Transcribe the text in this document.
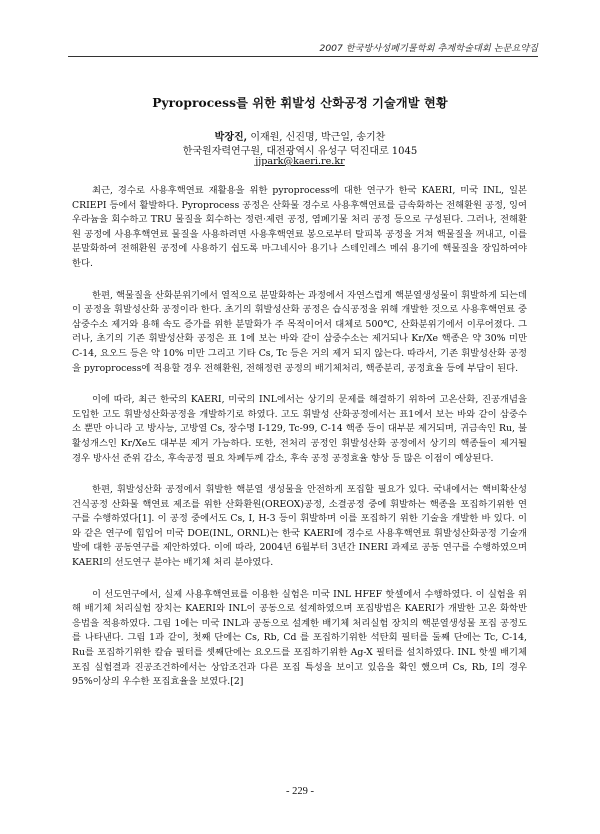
2007 한국방사성폐기물학회 추계학술대회 논문요약집
Pyroprocess를 위한 휘발성 산화공정 기술개발 현황
박장진, 이재원, 신진명, 박근일, 송기찬
한국원자력연구원, 대전광역시 유성구 덕진대로 1045
jjpark@kaeri.re.kr

최근, 경수로 사용후핵연료 재활용을 위한 pyroprocess에 대한 연구가 한국 KAERI, 미국 INL, 일본 CRIEPI 등에서 활발하다. Pyroprocess 공정은 산화물 경수로 사용후핵연료를 금속화하는 전해환원 공정, 잉여우라늄을 회수하고 TRU 물질을 회수하는 정련·제련 공정, 염폐기물 처리 공정 등으로 구성된다. 그러나, 전해환원 공정에 사용후핵연료 물질을 사용하려면 사용후핵연료 봉으로부터 탈피복 공정을 거쳐 핵물질을 꺼내고, 이를 분말화하여 전해환원 공정에 사용하기 쉽도록 마그네시아 용기나 스테인레스 메쉬 용기에 핵물질을 장입하여야 한다.

한편, 핵물질을 산화분위기에서 열적으로 분말화하는 과정에서 자연스럽게 핵분열생성물이 휘발하게 되는데 이 공정을 휘발성산화 공정이라 한다. 초기의 휘발성산화 공정은 습식공정을 위해 개발한 것으로 사용후핵연료 중 삼중수소 제거와 용해 속도 증가를 위한 분말화가 주 목적이어서 대체로 500℃, 산화분위기에서 이루어졌다. 그러나, 초기의 기존 휘발성산화 공정은 표 1에 보는 바와 같이 삼중수소는 제거되나 Kr/Xe 핵종은 약 30% 미만 C-14, 요오드 등은 약 10% 미만 그리고 기타 Cs, Tc 등은 거의 제거 되지 않는다. 따라서, 기존 휘발성산화 공정을 pyroprocess에 적용할 경우 전해환원, 전해정련 공정의 배기체처리, 핵종분리, 공정효율 등에 부담이 된다.

이에 따라, 최근 한국의 KAERI, 미국의 INL에서는 상기의 문제를 해결하기 위하여 고온산화, 진공개념을 도입한 고도 휘발성산화공정을 개발하기로 하였다. 고도 휘발성 산화공정에서는 표1에서 보는 바와 같이 삼중수소 뿐만 아니라 고 방사능, 고방열 Cs, 장수명 I-129, Tc-99, C-14 핵종 등이 대부분 제거되며, 귀금속인 Ru, 불활성개스인 Kr/Xe도 대부분 제거 가능하다. 또한, 전처리 공정인 휘발성산화 공정에서 상기의 핵종들이 제거될 경우 방사선 준위 감소, 후속공정 필요 차폐두께 감소, 후속 공정 공정효율 향상 등 많은 이점이 예상된다.

한편, 휘발성산화 공정에서 휘발한 핵분열 생성물을 안전하게 포집할 필요가 있다. 국내에서는 핵비확산성 건식공정 산화물 핵연료 제조를 위한 산화환원(OREOX)공정, 소결공정 중에 휘발하는 핵종을 포집하기위한 연구를 수행하였다[1]. 이 공정 중에서도 Cs, I, H-3 등이 휘발하며 이를 포집하기 위한 기술을 개발한 바 있다. 이와 같은 연구에 힘입어 미국 DOE(INL, ORNL)는 한국 KAERI에 경수로 사용후핵연료 휘발성산화공정 기술개발에 대한 공동연구를 제안하였다. 이에 따라, 2004년 6월부터 3년간 INERI 과제로 공동 연구를 수행하였으며 KAERI의 선도연구 분야는 배기체 처리 분야였다.

이 선도연구에서, 실제 사용후핵연료를 이용한 실험은 미국 INL HFEF 핫셀에서 수행하였다. 이 실험을 위해 배기체 처리실험 장치는 KAERI와 INL이 공동으로 설계하였으며 포집방법은 KAERI가 개발한 고온 화학반응법을 적용하였다. 그림 1에는 미국 INL과 공동으로 설계한 배기체 처리실험 장치의 핵분열생성물 포집 공정도를 나타낸다. 그림 1과 같이, 첫째 단에는 Cs, Rb, Cd 를 포집하기위한 석탄회 필터를 둘째 단에는 Tc, C-14, Ru를 포집하기위한 칼슘 필터를 셋째단에는 요오드를 포집하기위한 Ag-X 필터를 설치하였다. INL 핫셀 배기체 포집 실험결과 진공조건하에서는 상압조건과 다른 포집 특성을 보이고 있음을 확인 했으며 Cs, Rb, I의 경우 95%이상의 우수한 포집효율을 보였다.[2]

- 229 -
